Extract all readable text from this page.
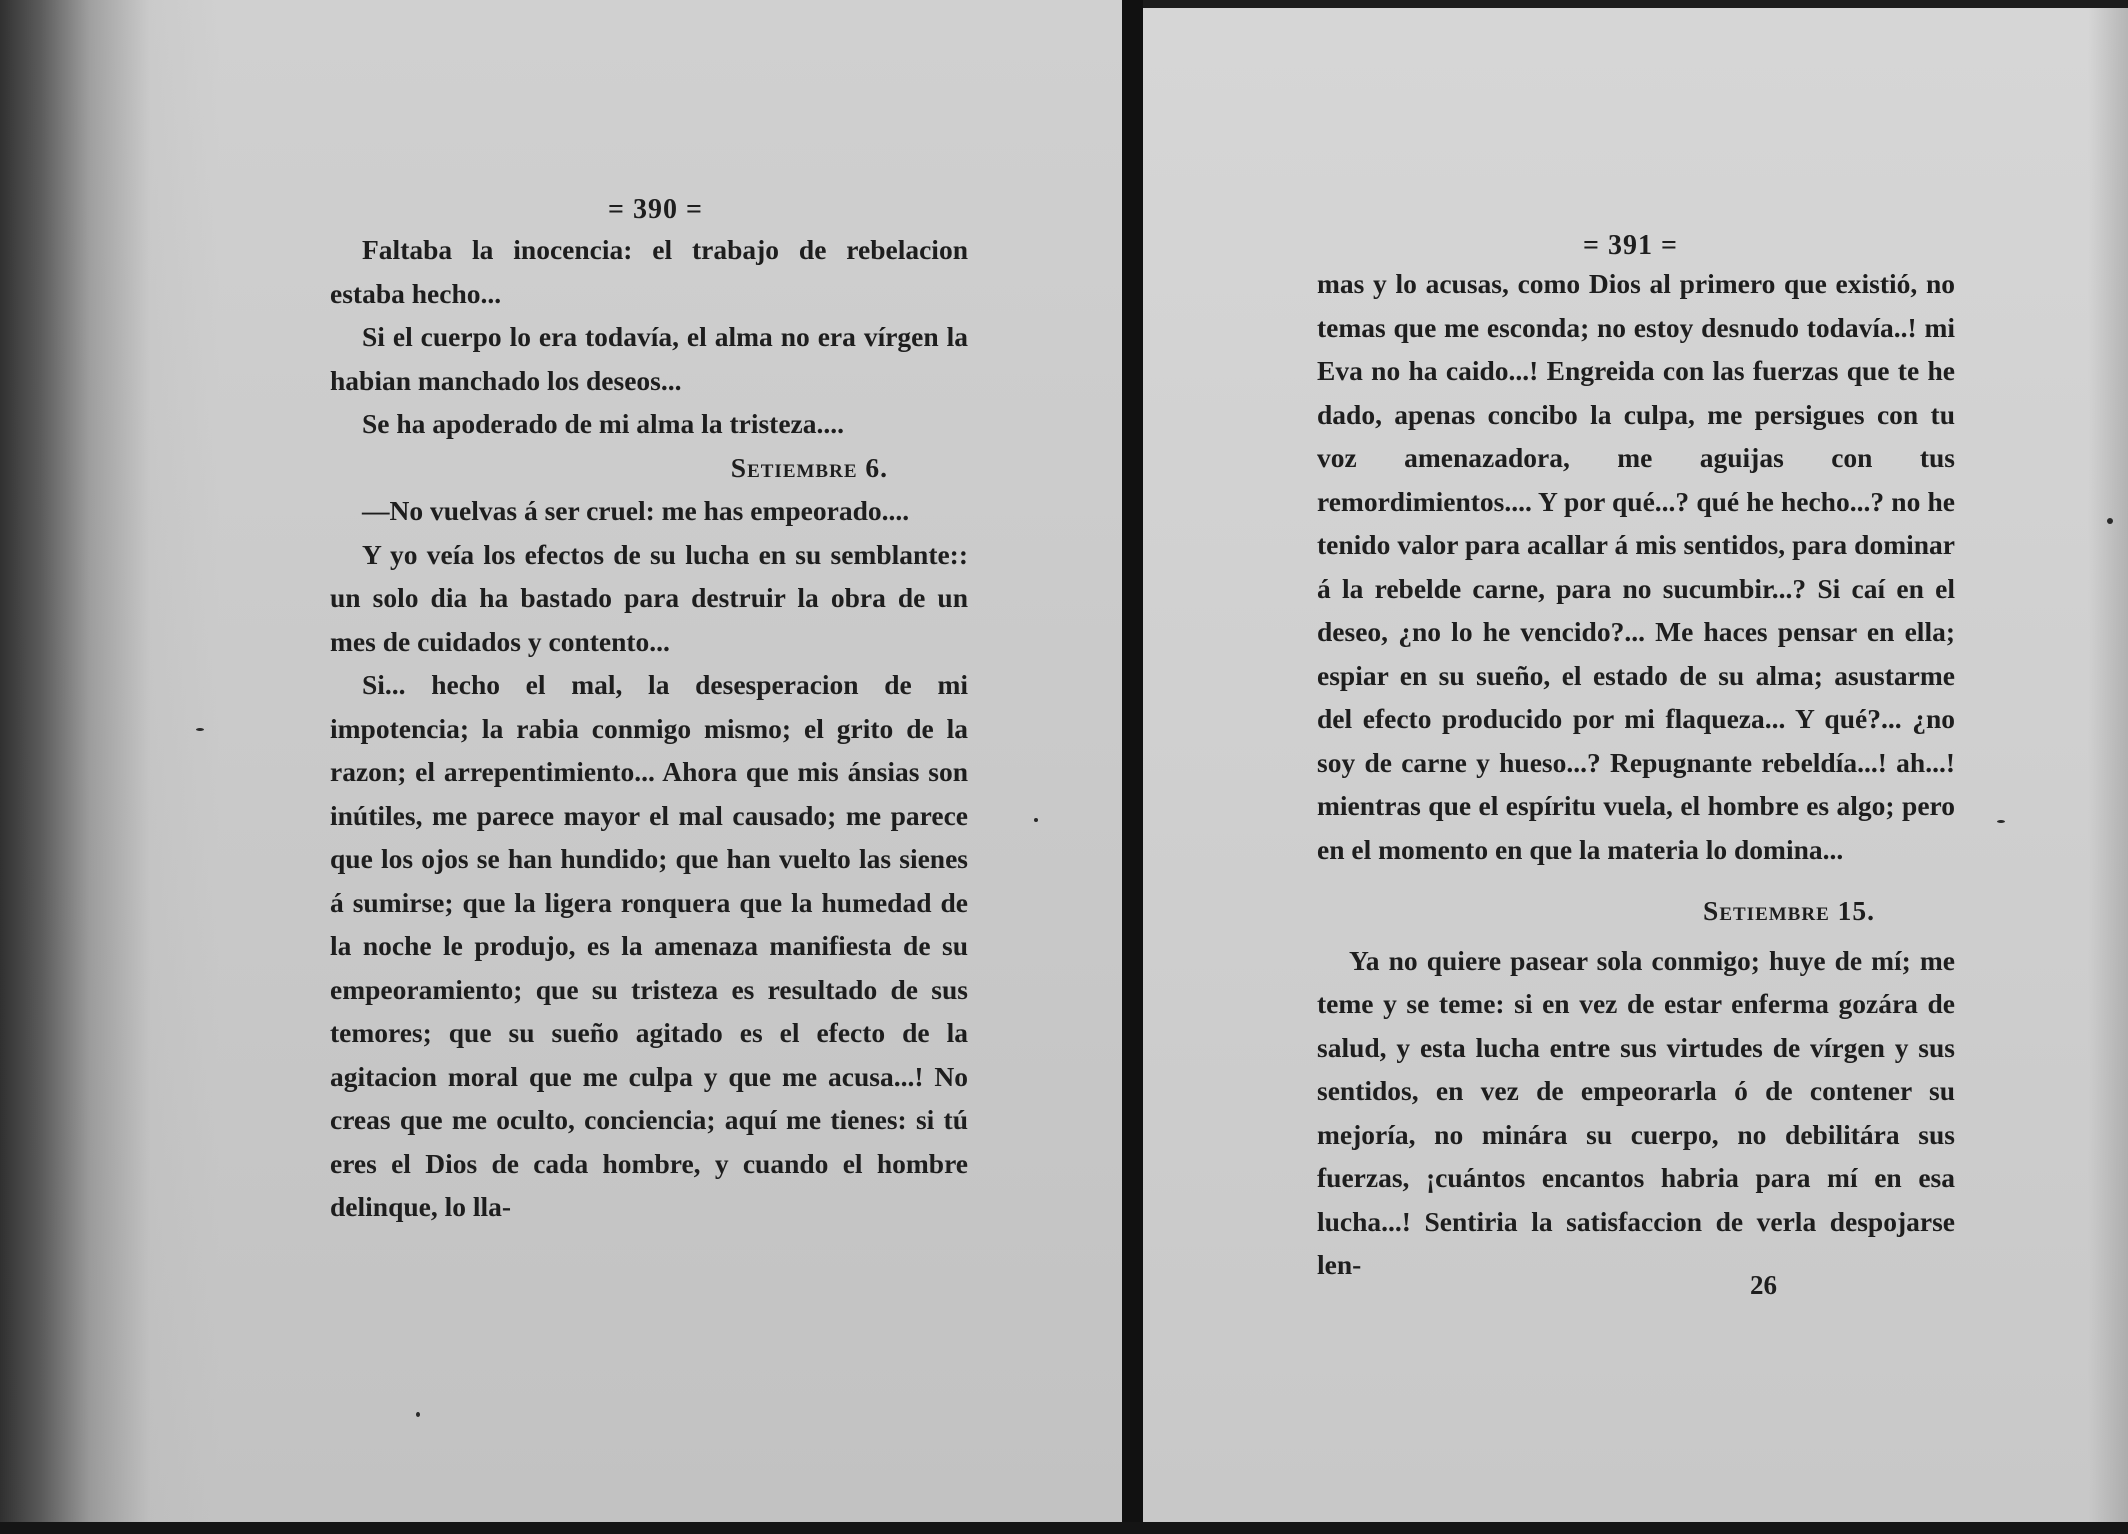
= 390 =

Faltaba la inocencia: el trabajo de rebelacion estaba hecho...

Si el cuerpo lo era todavía, el alma no era vírgen la habian manchado los deseos...

Se ha apoderado de mi alma la tristeza....

Setiembre 6.

—No vuelvas á ser cruel: me has empeorado....

Y yo veía los efectos de su lucha en su semblante:: un solo dia ha bastado para destruir la obra de un mes de cuidados y contento...

Si... hecho el mal, la desesperacion de mi impotencia; la rabia conmigo mismo; el grito de la razon; el arrepentimiento... Ahora que mis ánsias son inútiles, me parece mayor el mal causado; me parece que los ojos se han hundido; que han vuelto las sienes á sumirse; que la ligera ronquera que la humedad de la noche le produjo, es la amenaza manifiesta de su empeoramiento; que su tristeza es resultado de sus temores; que su sueño agitado es el efecto de la agitacion moral que me culpa y que me acusa...! No creas que me oculto, conciencia; aquí me tienes: si tú eres el Dios de cada hombre, y cuando el hombre delinque, lo lla-

= 391 =

mas y lo acusas, como Dios al primero que existió, no temas que me esconda; no estoy desnudo todavía..! mi Eva no ha caido...! Engreida con las fuerzas que te he dado, apenas concibo la culpa, me persigues con tu voz amenazadora, me aguijas con tus remordimientos.... Y por qué...? qué he hecho...? no he tenido valor para acallar á mis sentidos, para dominar á la rebelde carne, para no sucumbir...? Si caí en el deseo, ¿no lo he vencido?... Me haces pensar en ella; espiar en su sueño, el estado de su alma; asustarme del efecto producido por mi flaqueza... Y qué?... ¿no soy de carne y hueso...? Repugnante rebeldía...! ah...! mientras que el espíritu vuela, el hombre es algo; pero en el momento en que la materia lo domina...

Setiembre 15.

Ya no quiere pasear sola conmigo; huye de mí; me teme y se teme: si en vez de estar enferma gozára de salud, y esta lucha entre sus virtudes de vírgen y sus sentidos, en vez de empeorarla ó de contener su mejoría, no minára su cuerpo, no debilitára sus fuerzas, ¡cuántos encantos habria para mí en esa lucha...! Sentiria la satisfaccion de verla despojarse len-

26
